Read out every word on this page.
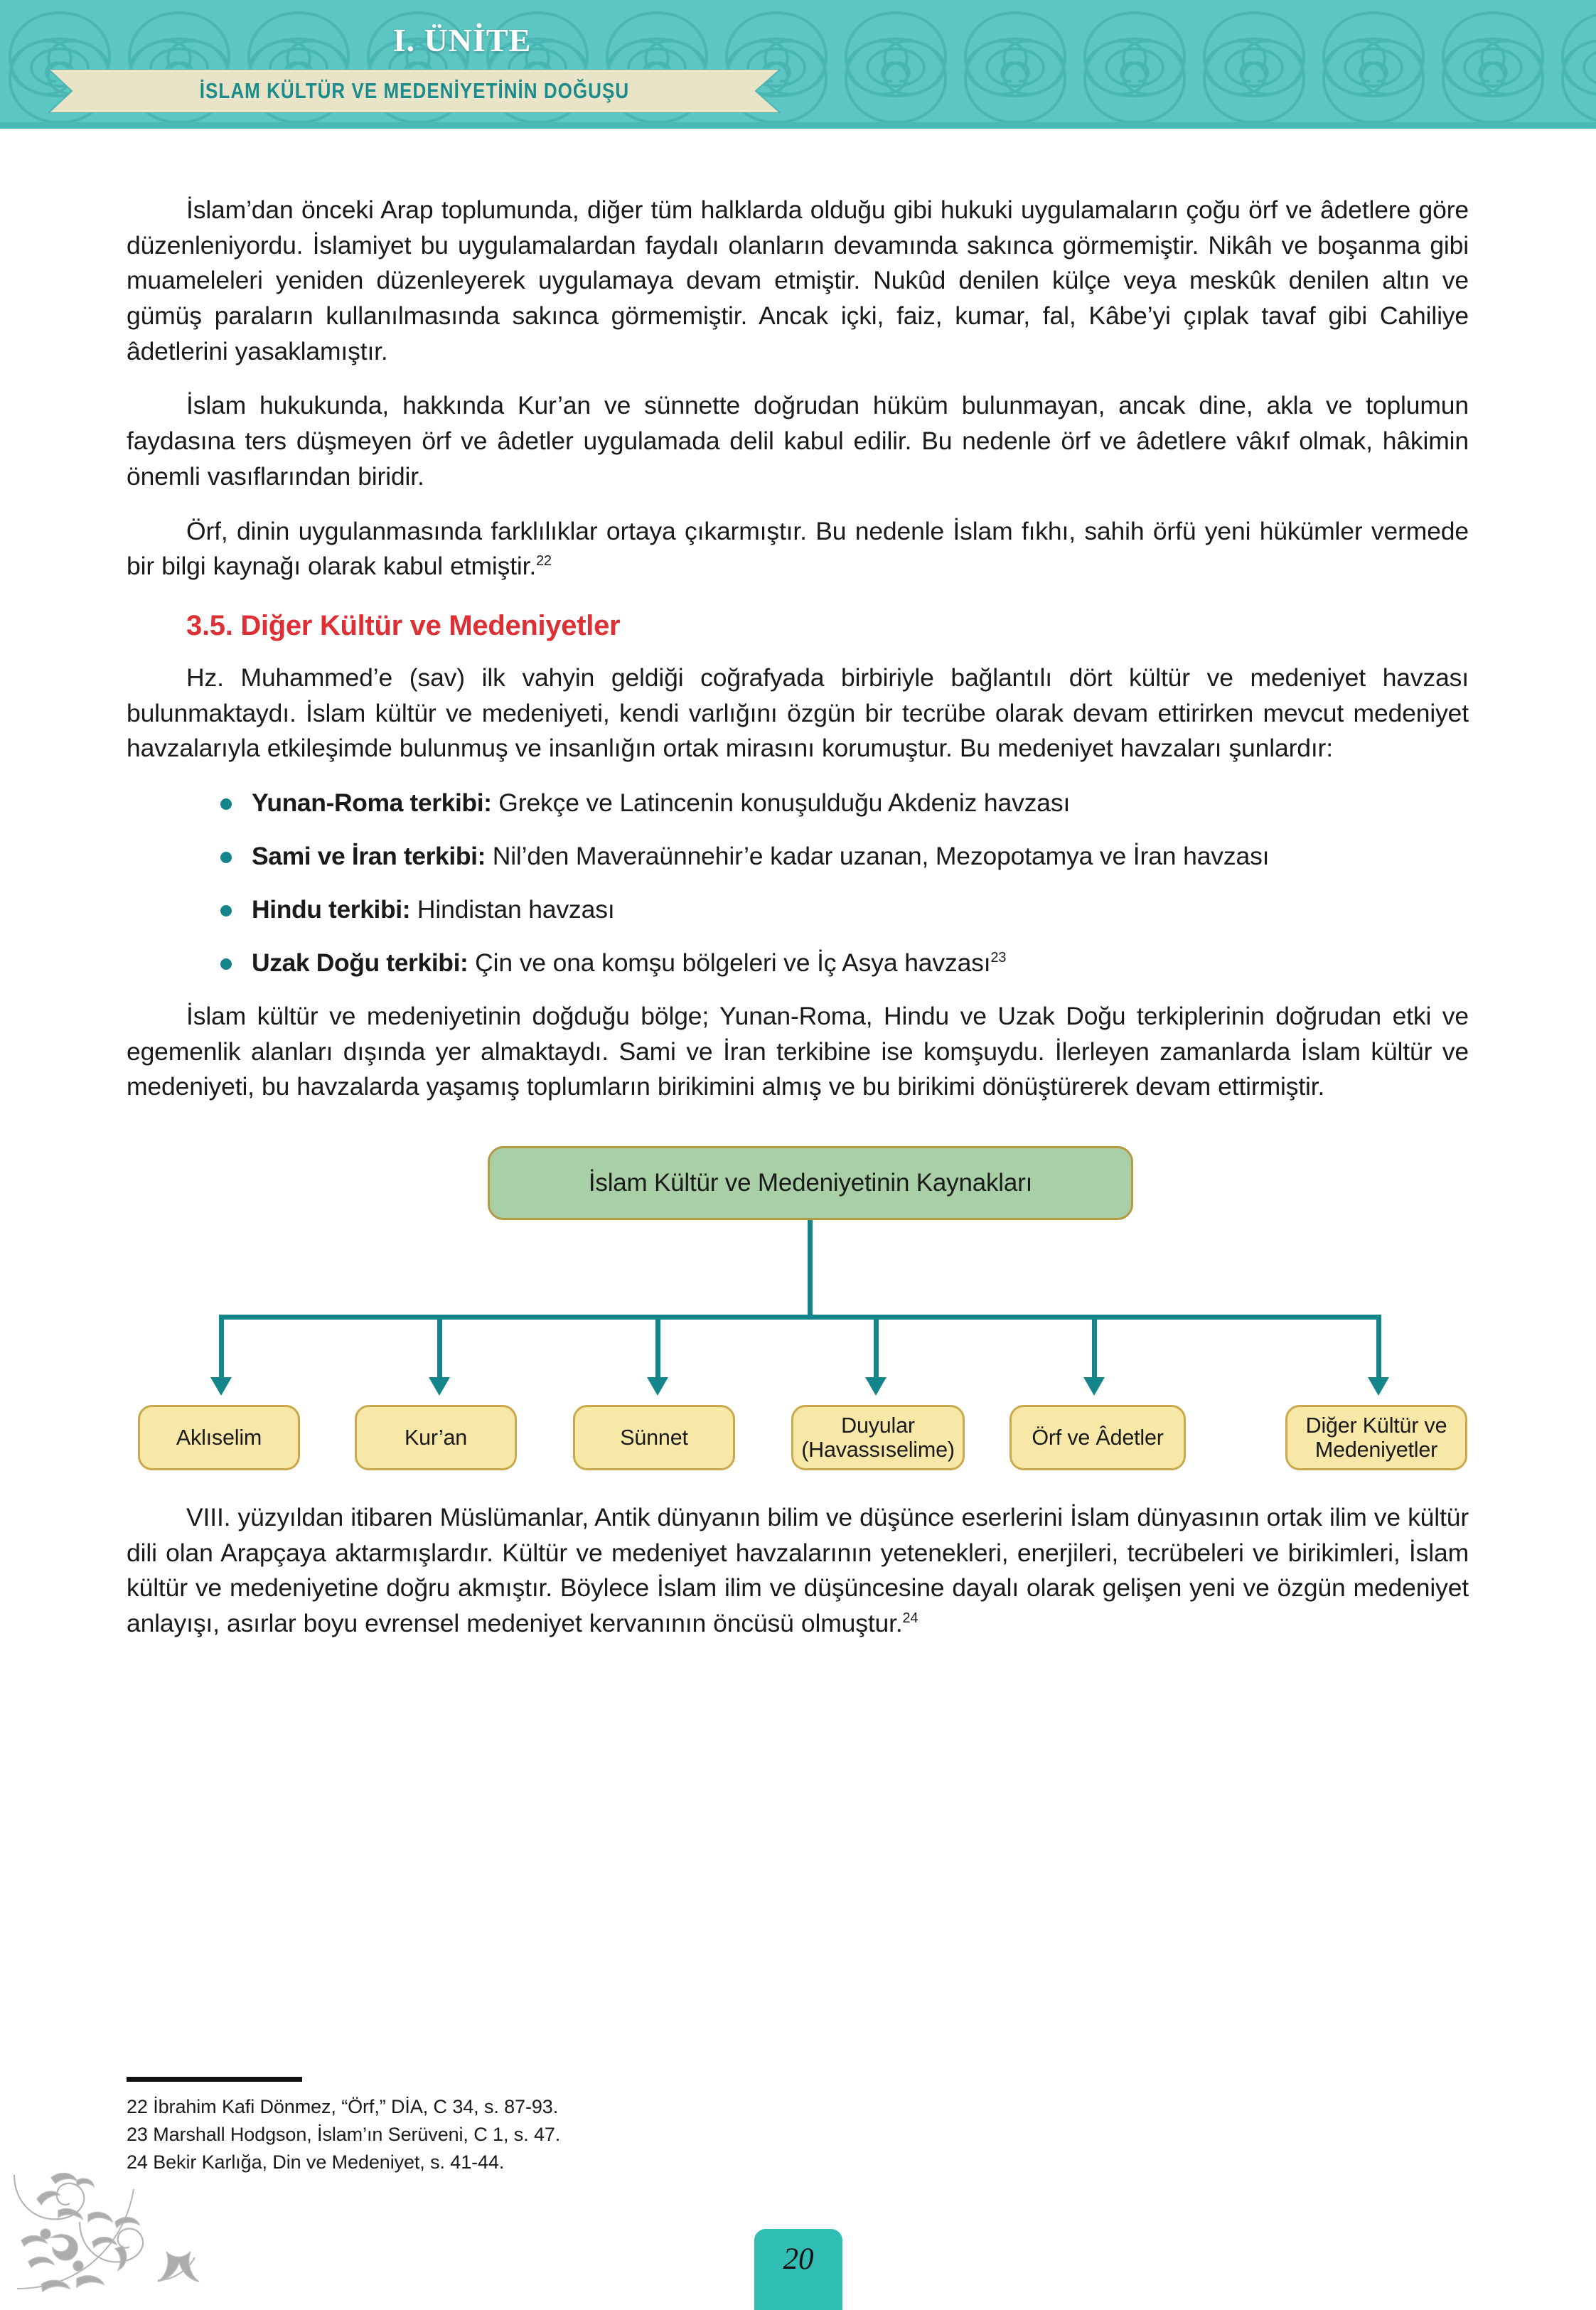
I. ÜNİTE
İSLAM KÜLTÜR VE MEDENİYETİNİN DOĞUŞU

İslam’dan önceki Arap toplumunda, diğer tüm halklarda olduğu gibi hukuki uygulamaların çoğu örf ve âdetlere göre düzenleniyordu. İslamiyet bu uygulamalardan faydalı olanların devamında sakınca görmemiştir. Nikâh ve boşanma gibi muameleleri yeniden düzenleyerek uygulamaya devam etmiştir. Nukûd denilen külçe veya meskûk denilen altın ve gümüş paraların kullanılmasında sakınca görmemiştir. Ancak içki, faiz, kumar, fal, Kâbe’yi çıplak tavaf gibi Cahiliye âdetlerini yasaklamıştır.

İslam hukukunda, hakkında Kur’an ve sünnette doğrudan hüküm bulunmayan, ancak dine, akla ve toplumun faydasına ters düşmeyen örf ve âdetler uygulamada delil kabul edilir. Bu nedenle örf ve âdetlere vâkıf olmak, hâkimin önemli vasıflarından biridir.

Örf, dinin uygulanmasında farklılıklar ortaya çıkarmıştır. Bu nedenle İslam fıkhı, sahih örfü yeni hükümler vermede bir bilgi kaynağı olarak kabul etmiştir.$^{22}$

3.5. Diğer Kültür ve Medeniyetler

Hz. Muhammed’e (sav) ilk vahyin geldiği coğrafyada birbiriyle bağlantılı dört kültür ve medeniyet havzası bulunmaktaydı. İslam kültür ve medeniyeti, kendi varlığını özgün bir tecrübe olarak devam ettirirken mevcut medeniyet havzalarıyla etkileşimde bulunmuş ve insanlığın ortak mirasını korumuştur. Bu medeniyet havzaları şunlardır:

Yunan-Roma terkibi: Grekçe ve Latincenin konuşulduğu Akdeniz havzası
Sami ve İran terkibi: Nil’den Maveraünnehir’e kadar uzanan, Mezopotamya ve İran havzası
Hindu terkibi: Hindistan havzası
Uzak Doğu terkibi: Çin ve ona komşu bölgeleri ve İç Asya havzası$^{23}$

İslam kültür ve medeniyetinin doğduğu bölge; Yunan-Roma, Hindu ve Uzak Doğu terkiplerinin doğrudan etki ve egemenlik alanları dışında yer almaktaydı. Sami ve İran terkibine ise komşuydu. İlerleyen zamanlarda İslam kültür ve medeniyeti, bu havzalarda yaşamış toplumların birikimini almış ve bu birikimi dönüştürerek devam ettirmiştir.

İslam Kültür ve Medeniyetinin Kaynakları
Aklıselim	Kur’an	Sünnet
Duyular
(Havassıselime)
Örf ve Âdetler
Diğer Kültür ve
Medeniyetler

VIII. yüzyıldan itibaren Müslümanlar, Antik dünyanın bilim ve düşünce eserlerini İslam dünyasının ortak ilim ve kültür dili olan Arapçaya aktarmışlardır. Kültür ve medeniyet havzalarının yetenekleri, enerjileri, tecrübeleri ve birikimleri, İslam kültür ve medeniyetine doğru akmıştır. Böylece İslam ilim ve düşüncesine dayalı olarak gelişen yeni ve özgün medeniyet anlayışı, asırlar boyu evrensel medeniyet kervanının öncüsü olmuştur.$^{24}$

22 İbrahim Kafi Dönmez, “Örf,” DİA, C 34, s. 87-93.
23 Marshall Hodgson, İslam’ın Serüveni, C 1, s. 47.
24 Bekir Karlığa, Din ve Medeniyet, s. 41-44.
20
